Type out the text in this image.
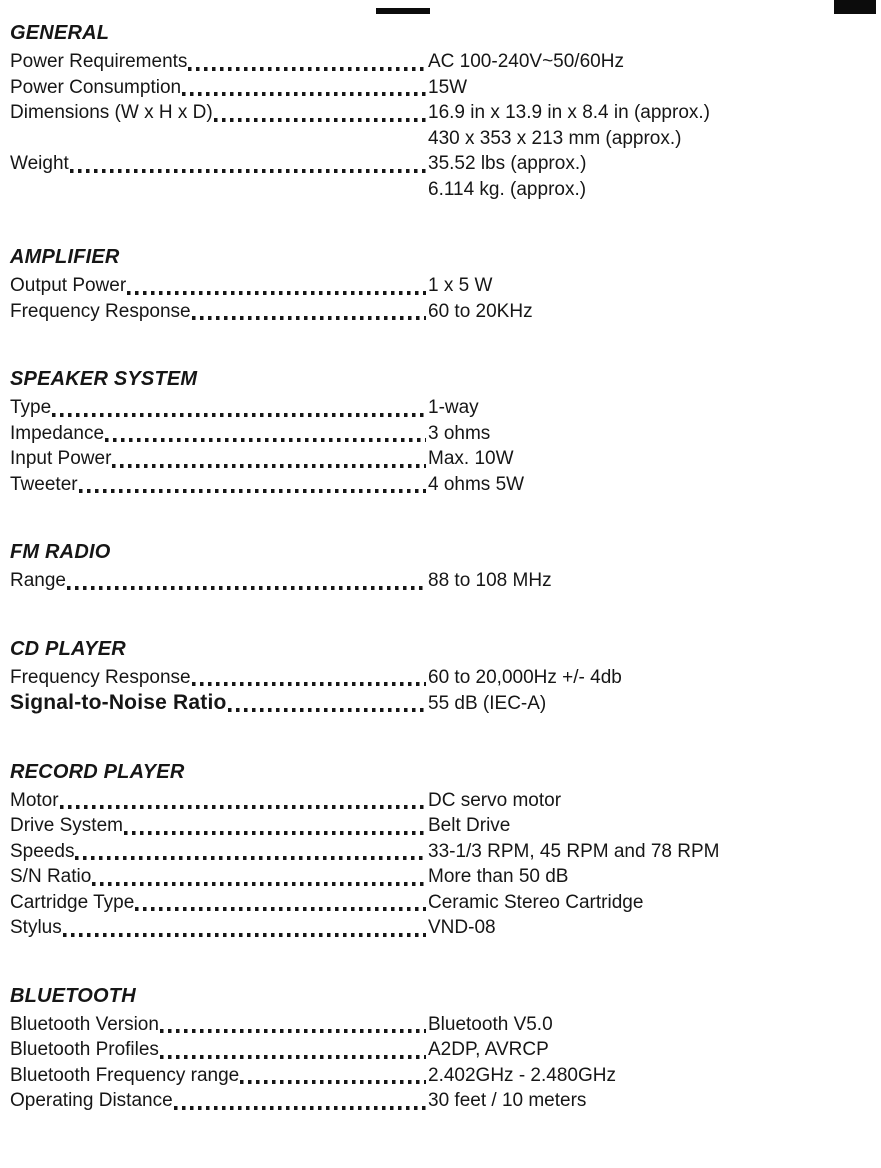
GENERAL
Power Requirements	AC 100-240V~50/60Hz
Power Consumption	15W
Dimensions (W x H x D)	16.9 in x 13.9 in x 8.4 in (approx.)
430 x 353 x 213 mm (approx.)
Weight	35.52 lbs (approx.)
6.114 kg. (approx.)
AMPLIFIER
Output Power	1 x 5 W
Frequency Response	60 to 20KHz
SPEAKER SYSTEM
Type	1-way
Impedance	3 ohms
Input Power	Max. 10W
Tweeter	4 ohms 5W
FM RADIO
Range	88 to 108 MHz
CD PLAYER
Frequency Response	60 to 20,000Hz +/- 4db
Signal-to-Noise Ratio	55 dB (IEC-A)
RECORD PLAYER
Motor	DC servo motor
Drive System	Belt Drive
Speeds	33-1/3 RPM, 45 RPM and 78 RPM
S/N Ratio	More than 50 dB
Cartridge Type	Ceramic Stereo Cartridge
Stylus	VND-08
BLUETOOTH
Bluetooth Version	Bluetooth V5.0
Bluetooth Profiles	A2DP, AVRCP
Bluetooth Frequency range	2.402GHz - 2.480GHz
Operating Distance	30 feet / 10 meters
